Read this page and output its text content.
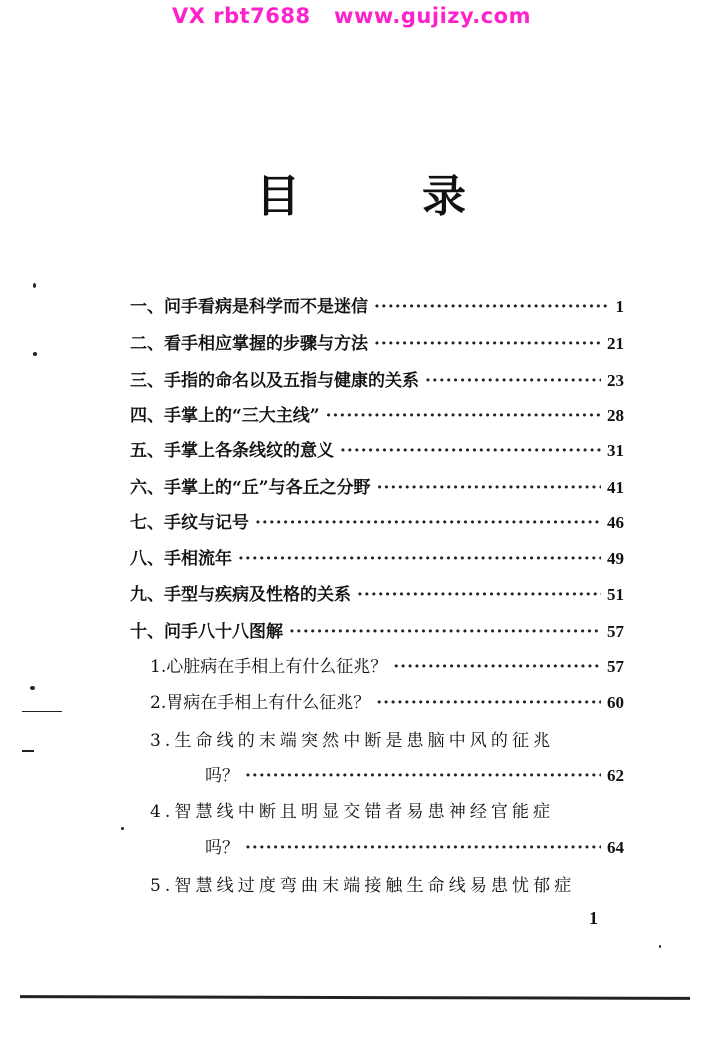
VX rbt7688   www.gujizy.com
目	录
一、问手看病是科学而不是迷信 ·····	1
二、看手相应掌握的步骤与方法 ·····	21
三、手指的命名以及五指与健康的关系 ·····	23
四、手掌上的“三大主线” ·····	28
五、手掌上各条线纹的意义 ·····	31
六、手掌上的“丘”与各丘之分野 ·····	41
七、手纹与记号 ·····	46
八、手相流年 ·····	49
九、手型与疾病及性格的关系 ·····	51
十、问手八十八图解 ·····	57
1.心脏病在手相上有什么征兆？ ·····	57
2.胃病在手相上有什么征兆？ ·····	60
3.生命线的末端突然中断是患脑中风的征兆
吗？ ·····	62
4.智慧线中断且明显交错者易患神经官能症
吗？ ·····	64
5.智慧线过度弯曲末端接触生命线易患忧郁症
1
